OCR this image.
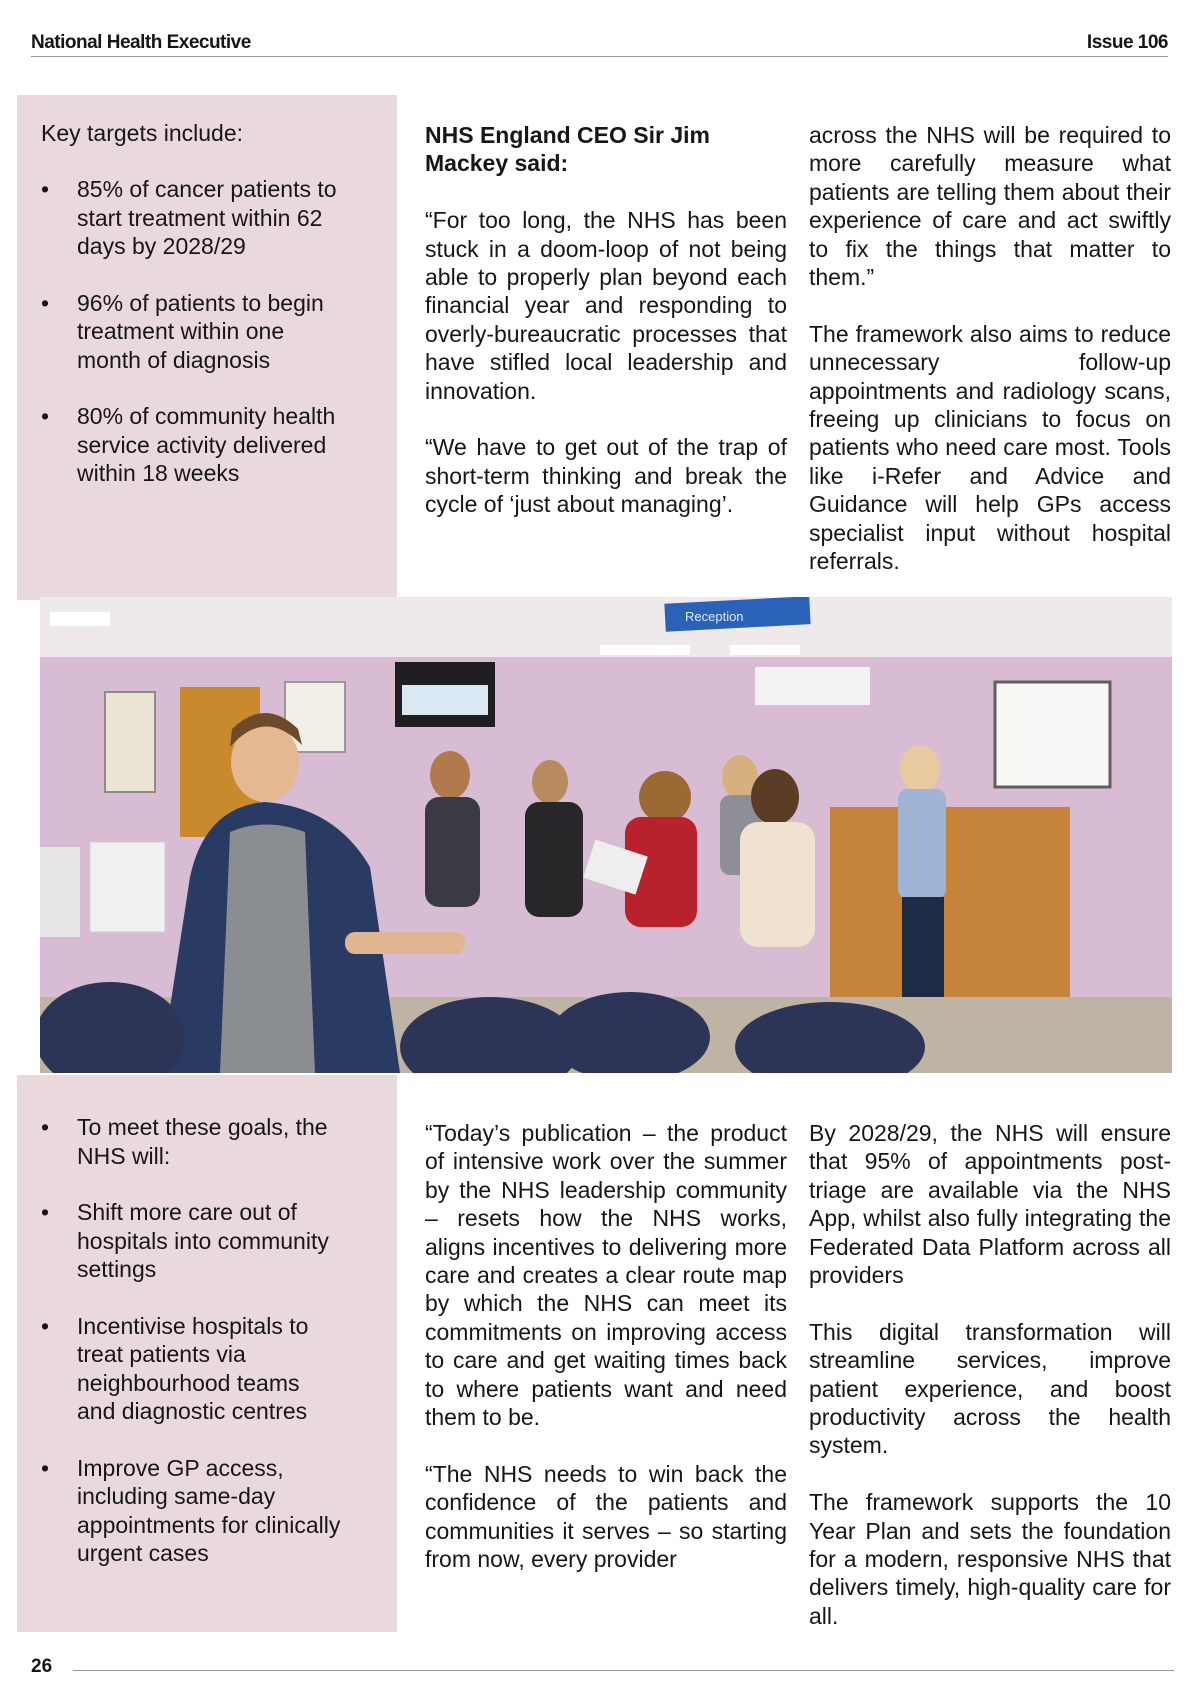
National Health Executive	Issue 106
Key targets include:
• 85% of cancer patients to start treatment within 62 days by 2028/29
• 96% of patients to begin treatment within one month of diagnosis
• 80% of community health service activity delivered within 18 weeks

NHS England CEO Sir Jim Mackey said:

“For too long, the NHS has been stuck in a doom-loop of not being able to properly plan beyond each financial year and responding to overly-bureaucratic processes that have stifled local leadership and innovation.

“We have to get out of the trap of short-term thinking and break the cycle of ‘just about managing’.

across the NHS will be required to more carefully measure what patients are telling them about their experience of care and act swiftly to fix the things that matter to them.”

The framework also aims to reduce unnecessary follow-up appointments and radiology scans, freeing up clinicians to focus on patients who need care most. Tools like i-Refer and Advice and Guidance will help GPs access specialist input without hospital referrals.

Reception
• To meet these goals, the NHS will:
• Shift more care out of hospitals into community settings
• Incentivise hospitals to treat patients via neighbourhood teams and diagnostic centres
• Improve GP access, including same-day appointments for clinically urgent cases

“Today’s publication – the product of intensive work over the summer by the NHS leadership community – resets how the NHS works, aligns incentives to delivering more care and creates a clear route map by which the NHS can meet its commitments on improving access to care and get waiting times back to where patients want and need them to be.

“The NHS needs to win back the confidence of the patients and communities it serves – so starting from now, every provider

By 2028/29, the NHS will ensure that 95% of appointments post-triage are available via the NHS App, whilst also fully integrating the Federated Data Platform across all providers

This digital transformation will streamline services, improve patient experience, and boost productivity across the health system.

The framework supports the 10 Year Plan and sets the foundation for a modern, responsive NHS that delivers timely, high-quality care for all.

26
